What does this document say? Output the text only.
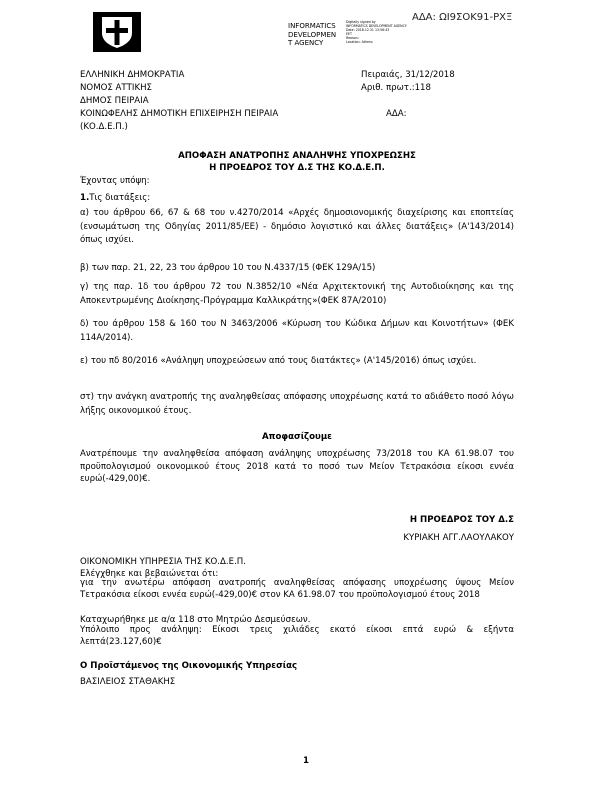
ΑΔΑ: ΩΙ9ΣΟΚ91-ΡΧΞ
INFORMATICS
DEVELOPMEN
T AGENCY
Digitally signed by
INFORMATICS DEVELOPMENT AGENCY
Date: 2018.12.31 13:56:43
EET
Reason:
Location: Athens
ΕΛΛΗΝΙΚΗ ΔΗΜΟΚΡΑΤΙΑ
ΝΟΜΟΣ ΑΤΤΙΚΗΣ
ΔΗΜΟΣ ΠΕΙΡΑΙΑ
ΚΟΙΝΩΦΕΛΗΣ ΔΗΜΟΤΙΚΗ ΕΠΙΧΕΙΡΗΣΗ ΠΕΙΡΑΙΑ
(ΚΟ.Δ.Ε.Π.)
Πειραιάς, 31/12/2018
Αριθ. πρωτ.:118
ΑΔΑ:
ΑΠΟΦΑΣΗ ΑΝΑΤΡΟΠΗΣ ΑΝΑΛΗΨΗΣ ΥΠΟΧΡΕΩΣΗΣ
Η ΠΡΟΕΔΡΟΣ ΤΟΥ Δ.Σ ΤΗΣ ΚΟ.Δ.Ε.Π.
Έχοντας υπόψη:
1.Τις διατάξεις:
α) του άρθρου 66, 67 & 68 του ν.4270/2014 «Αρχές δημοσιονομικής διαχείρισης και εποπτείας (ενσωμάτωση της Οδηγίας 2011/85/ΕΕ) - δημόσιο λογιστικό και άλλες διατάξεις» (Α'143/2014) όπως ισχύει.
β) των παρ. 21, 22, 23 του άρθρου 10 του Ν.4337/15 (ΦΕΚ 129Α/15)
γ) της παρ. 1δ του άρθρου 72 του Ν.3852/10 «Νέα Αρχιτεκτονική της Αυτοδιοίκησης και της Αποκεντρωμένης Διοίκησης-Πρόγραμμα Καλλικράτης»(ΦΕΚ 87Α/2010)
δ) του άρθρου 158 & 160 του Ν 3463/2006 «Κύρωση του Κώδικα Δήμων και Κοινοτήτων» (ΦΕΚ 114Α/2014).
ε) του πδ 80/2016 «Ανάληψη υποχρεώσεων από τους διατάκτες» (Α'145/2016) όπως ισχύει.
στ) την ανάγκη ανατροπής της αναληφθείσας απόφασης υποχρέωσης κατά το αδιάθετο ποσό λόγω λήξης οικονομικού έτους.
Αποφασίζουμε
Ανατρέπουμε την αναληφθείσα απόφαση ανάληψης υποχρέωσης 73/2018 του ΚΑ 61.98.07 του προϋπολογισμού οικονομικού έτους 2018 κατά το ποσό των Μείον Τετρακόσια είκοσι εννέα ευρώ(-429,00)€.
Η ΠΡΟΕΔΡΟΣ ΤΟΥ Δ.Σ
ΚΥΡΙΑΚΗ ΑΓΓ.ΛΑΟΥΛΑΚΟΥ
ΟΙΚΟΝΟΜΙΚΗ ΥΠΗΡΕΣΙΑ ΤΗΣ ΚΟ.Δ.Ε.Π.
Ελέγχθηκε και βεβαιώνεται ότι:
για την ανωτέρω απόφαση ανατροπής αναληφθείσας απόφασης υποχρέωσης ύψους Μείον Τετρακόσια είκοσι εννέα ευρώ(-429,00)€ στον ΚΑ 61.98.07 του προϋπολογισμού έτους 2018
Καταχωρήθηκε με α/α 118 στο Μητρώο Δεσμεύσεων.
Υπόλοιπο προς ανάληψη: Είκοσι τρεις χιλιάδες εκατό είκοσι επτά ευρώ & εξήντα λεπτά(23.127,60)€
Ο Προϊστάμενος της Οικονομικής Υπηρεσίας
ΒΑΣΙΛΕΙΟΣ ΣΤΑΘΑΚΗΣ
1
